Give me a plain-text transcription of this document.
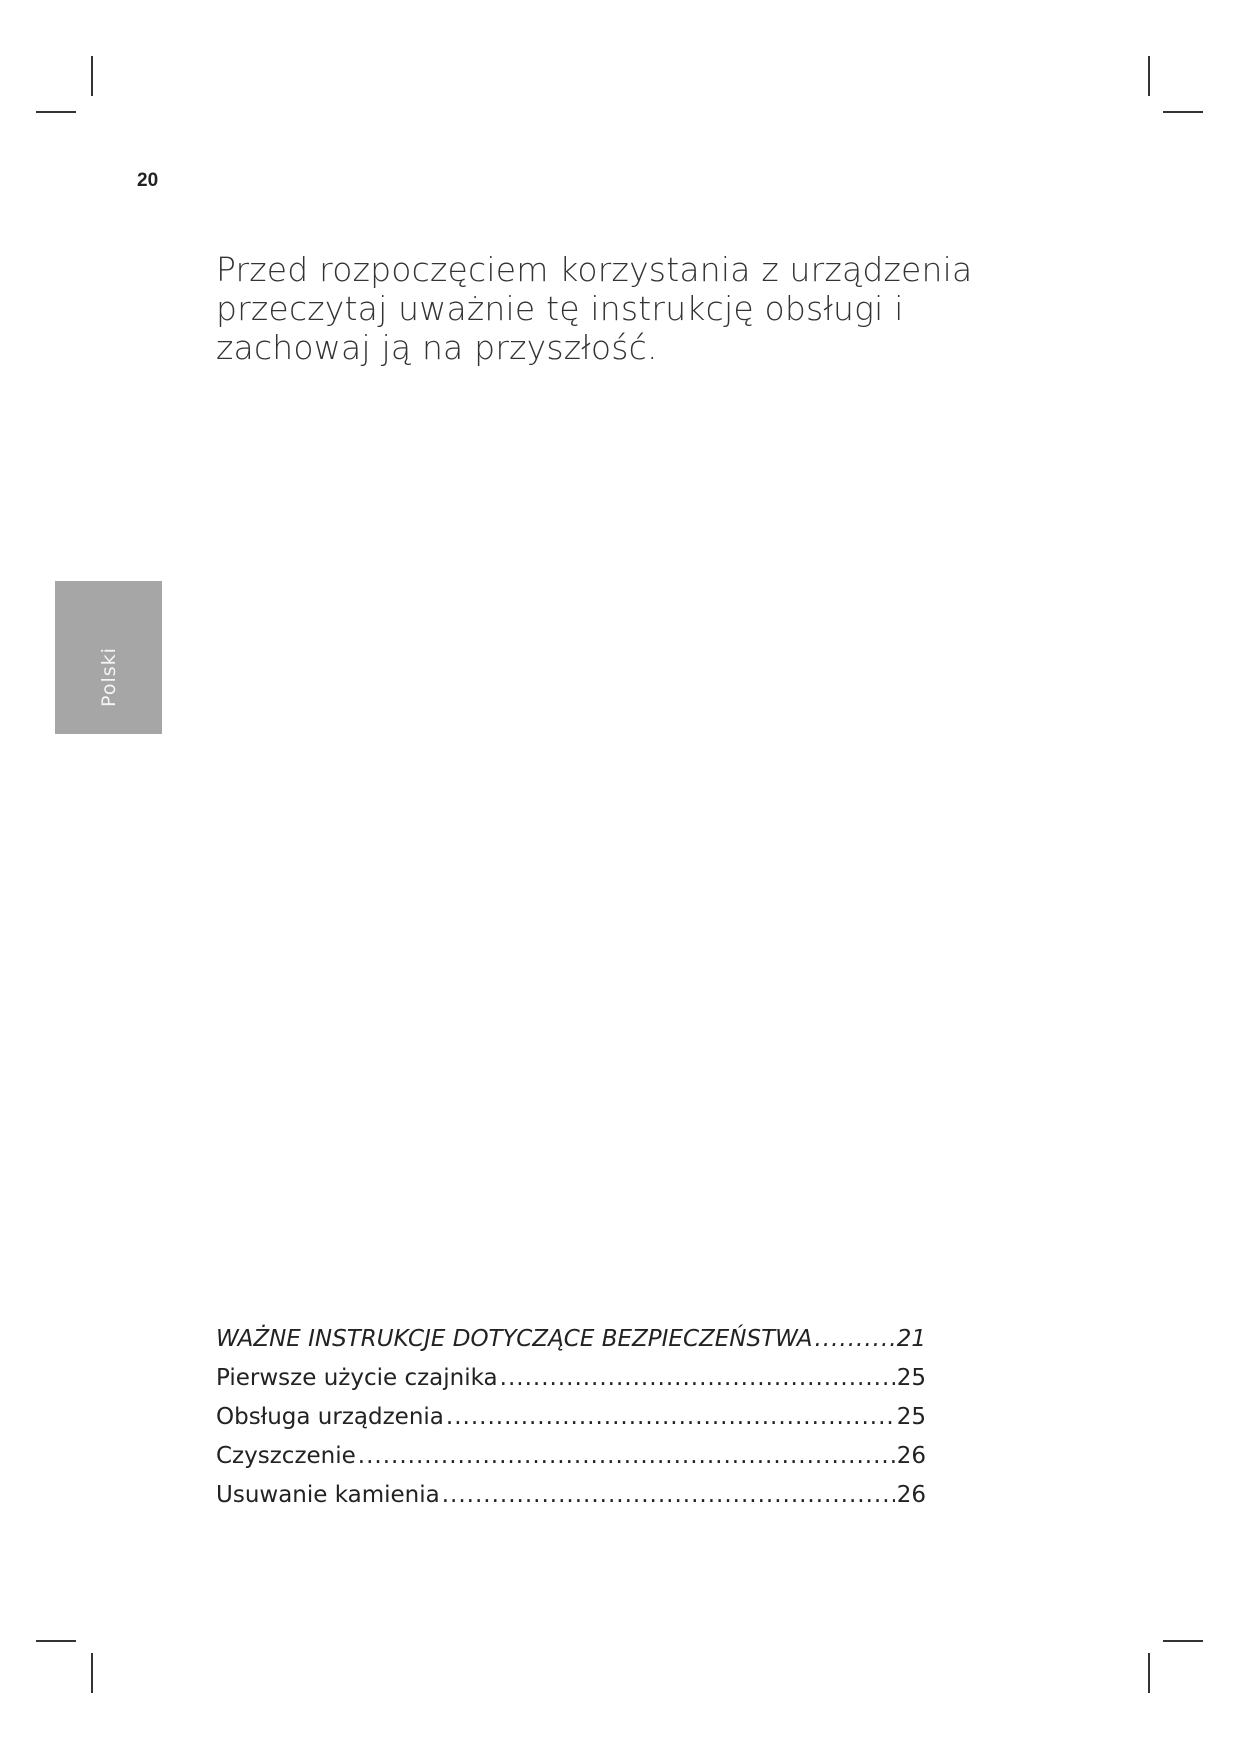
20
Przed rozpoczęciem korzystania z urządzenia
przeczytaj uważnie tę instrukcję obsługi i
zachowaj ją na przyszłość.
Polski
WAŻNE INSTRUKCJE DOTYCZĄCE BEZPIECZEŃSTWA .....	21
Pierwsze użycie czajnika .....	25
Obsługa urządzenia .....	25
Czyszczenie .....	26
Usuwanie kamienia .....	26
